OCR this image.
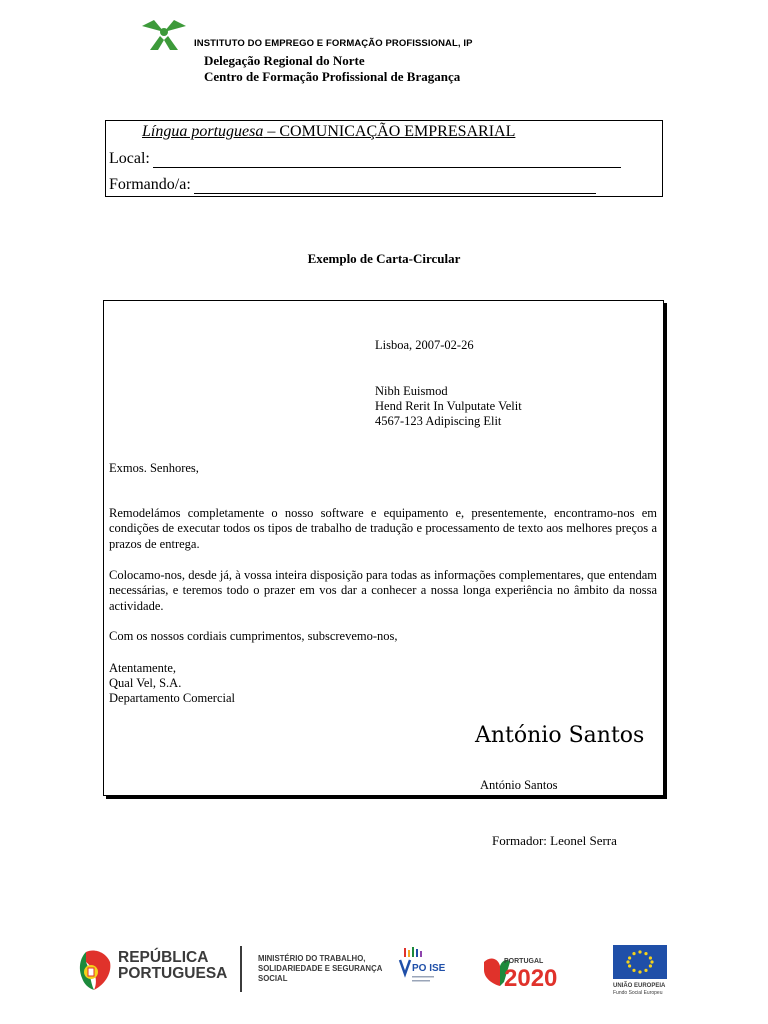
INSTITUTO DO EMPREGO E FORMAÇÃO PROFISSIONAL, IP
Delegação Regional do Norte
Centro de Formação Profissional de Bragança
Língua portuguesa – COMUNICAÇÃO EMPRESARIAL
Local:
Formando/a:
Exemplo de Carta-Circular
Lisboa, 2007-02-26
Nibh Euismod
Hend Rerit In Vulputate Velit
4567-123 Adipiscing Elit
Exmos. Senhores,
Remodelámos completamente o nosso software e equipamento e, presentemente, encontramo-nos em condições de executar todos os tipos de trabalho de tradução e processamento de texto aos melhores preços a prazos de entrega.
Colocamo-nos, desde já, à vossa inteira disposição para todas as informações complementares, que entendam necessárias, e teremos todo o prazer em vos dar a conhecer a nossa longa experiência no âmbito da nossa actividade.
Com os nossos cordiais cumprimentos, subscrevemo-nos,
Atentamente,
Qual Vel, S.A.
Departamento Comercial
António Santos
António Santos
Formador: Leonel Serra
REPÚBLICA
PORTUGUESA
MINISTÉRIO DO TRABALHO,
SOLIDARIEDADE E SEGURANÇA
SOCIAL
PO ISE
PORTUGAL
2020	UNIÃO EUROPEIA
Fundo Social Europeu
